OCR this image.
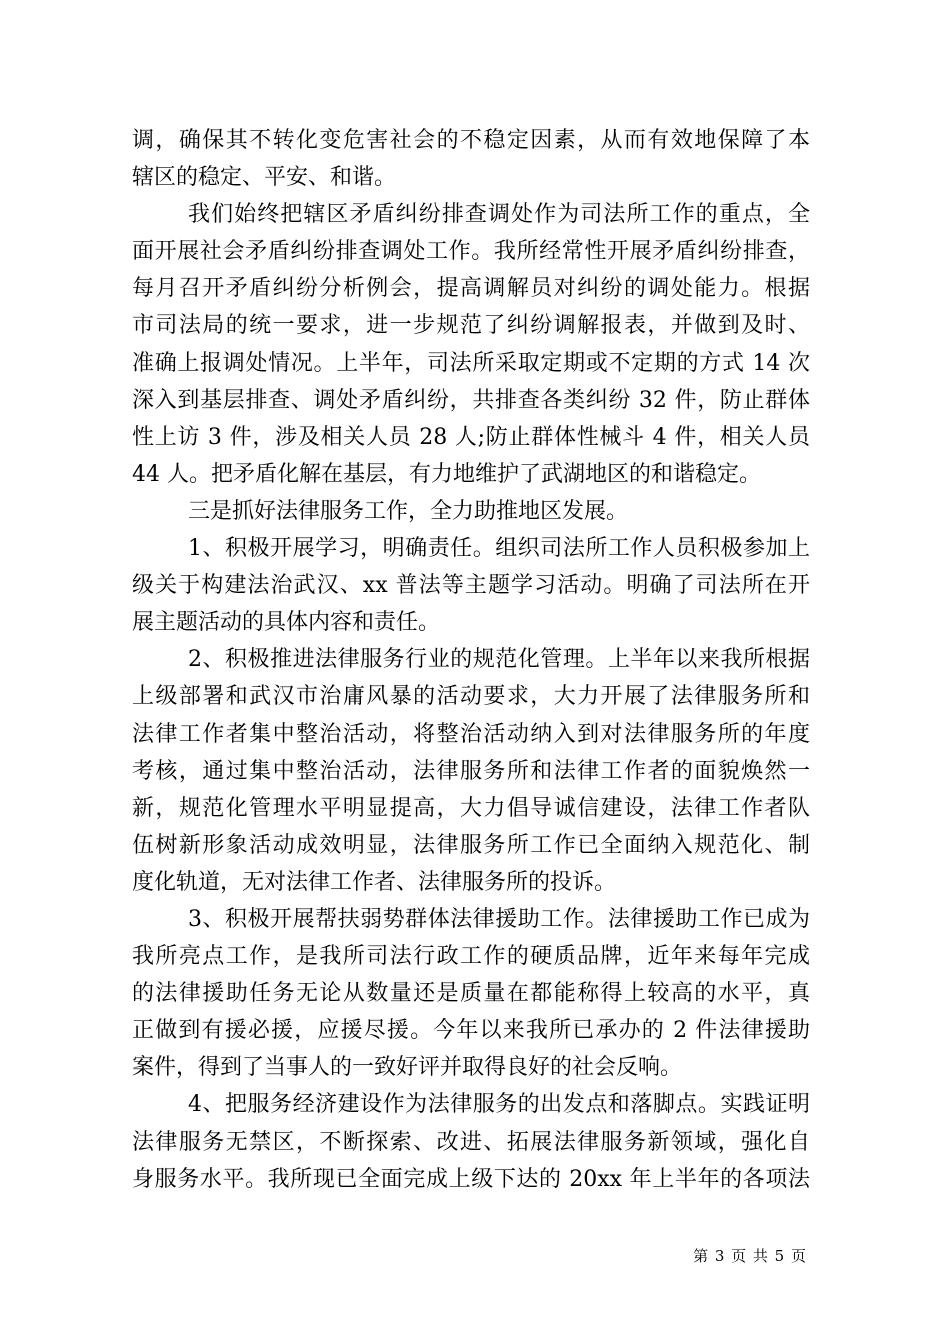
调，确保其不转化变危害社会的不稳定因素，从而有效地保障了本
辖区的稳定、平安、和谐。
我们始终把辖区矛盾纠纷排查调处作为司法所工作的重点，全
面开展社会矛盾纠纷排查调处工作。我所经常性开展矛盾纠纷排查，
每月召开矛盾纠纷分析例会，提高调解员对纠纷的调处能力。根据
市司法局的统一要求，进一步规范了纠纷调解报表，并做到及时、
准确上报调处情况。上半年，司法所采取定期或不定期的方式 14 次
深入到基层排查、调处矛盾纠纷，共排查各类纠纷 32 件，防止群体
性上访 3 件，涉及相关人员 28 人;防止群体性械斗 4 件，相关人员
44 人。把矛盾化解在基层，有力地维护了武湖地区的和谐稳定。
三是抓好法律服务工作，全力助推地区发展。
1、积极开展学习，明确责任。组织司法所工作人员积极参加上
级关于构建法治武汉、xx 普法等主题学习活动。明确了司法所在开
展主题活动的具体内容和责任。
2、积极推进法律服务行业的规范化管理。上半年以来我所根据
上级部署和武汉市治庸风暴的活动要求，大力开展了法律服务所和
法律工作者集中整治活动，将整治活动纳入到对法律服务所的年度
考核，通过集中整治活动，法律服务所和法律工作者的面貌焕然一
新，规范化管理水平明显提高，大力倡导诚信建设，法律工作者队
伍树新形象活动成效明显，法律服务所工作已全面纳入规范化、制
度化轨道，无对法律工作者、法律服务所的投诉。
3、积极开展帮扶弱势群体法律援助工作。法律援助工作已成为
我所亮点工作，是我所司法行政工作的硬质品牌，近年来每年完成
的法律援助任务无论从数量还是质量在都能称得上较高的水平，真
正做到有援必援，应援尽援。今年以来我所已承办的 2 件法律援助
案件，得到了当事人的一致好评并取得良好的社会反响。
4、把服务经济建设作为法律服务的出发点和落脚点。实践证明
法律服务无禁区，不断探索、改进、拓展法律服务新领域，强化自
身服务水平。我所现已全面完成上级下达的 20xx 年上半年的各项法
第 3 页 共 5 页
